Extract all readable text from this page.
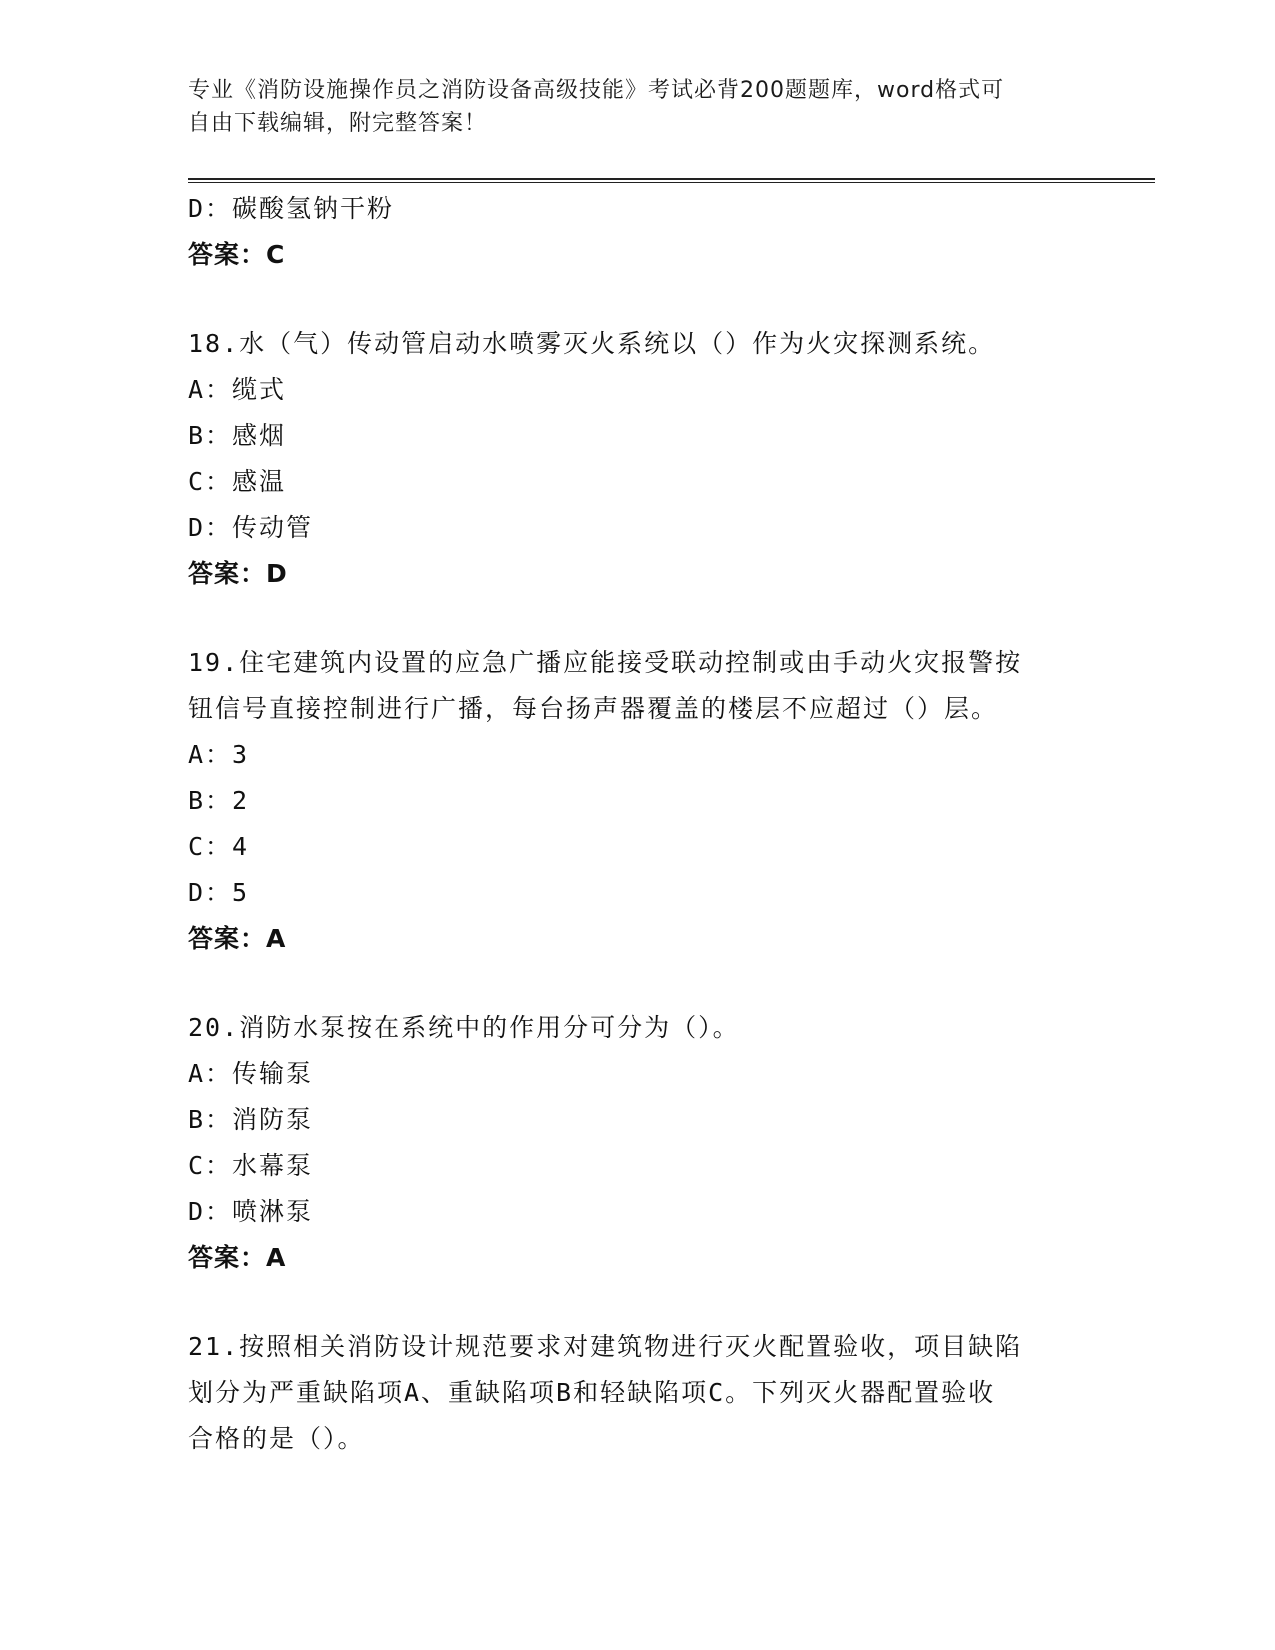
专业《消防设施操作员之消防设备高级技能》考试必背200题题库，word格式可
自由下载编辑，附完整答案！
D：碳酸氢钠干粉
答案：C
18.水（气）传动管启动水喷雾灭火系统以（）作为火灾探测系统。
A：缆式
B：感烟
C：感温
D：传动管
答案：D
19.住宅建筑内设置的应急广播应能接受联动控制或由手动火灾报警按
钮信号直接控制进行广播，每台扬声器覆盖的楼层不应超过（）层。
A：3
B：2
C：4
D：5
答案：A
20.消防水泵按在系统中的作用分可分为（）。
A：传输泵
B：消防泵
C：水幕泵
D：喷淋泵
答案：A
21.按照相关消防设计规范要求对建筑物进行灭火配置验收，项目缺陷
划分为严重缺陷项A、重缺陷项B和轻缺陷项C。下列灭火器配置验收
合格的是（）。
